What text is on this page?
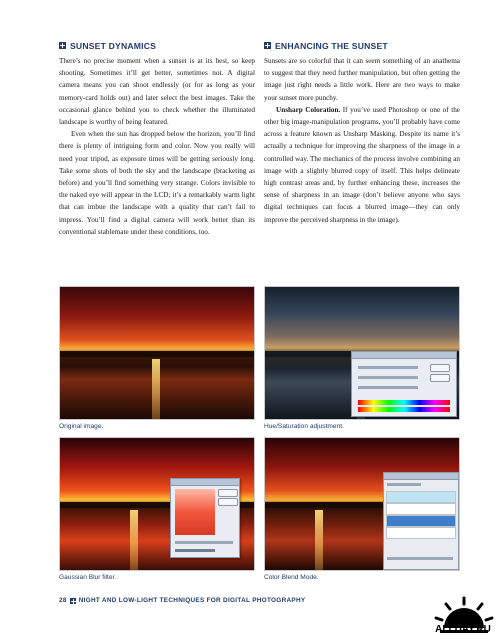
SUNSET DYNAMICS

There’s no precise moment when a sunset is at its best, so keep shooting. Sometimes it’ll get better, sometimes not. A digital camera means you can shoot endlessly (or for as long as your memory-card holds out) and later select the best images. Take the occasional glance behind you to check whether the illuminated landscape is worthy of being featured.

Even when the sun has dropped below the horizon, you’ll find there is plenty of intriguing form and color. Now you really will need your tripod, as exposure times will be getting seriously long. Take some shots of both the sky and the landscape (bracketing as before) and you’ll find something very strange. Colors invisible to the naked eye will appear in the LCD; it’s a remarkably warm light that can imbue the landscape with a quality that can’t fail to impress. You’ll find a digital camera will work better than its conventional stablemate under these conditions, too.

ENHANCING THE SUNSET

Sunsets are so colorful that it can seem something of an anathema to suggest that they need further manipulation, but often getting the image just right needs a little work. Here are two ways to make your sunset more punchy.

Unsharp Coloration. If you’ve used Photoshop or one of the other big image-manipulation programs, you’ll probably have come across a feature known as Unsharp Masking. Despite its name it’s actually a technique for improving the sharpness of the image in a controlled way. The mechanics of the process involve combining an image with a slightly blurred copy of itself. This helps delineate high contrast areas and, by further enhancing these, increases the sense of sharpness in an image (don’t believe anyone who says digital techniques can focus a blurred image—they can only improve the perceived sharpness in the image).

Original image.	Hue/Saturation adjustment.
Gaussian Blur filter.	Color Blend Mode.
28 NIGHT AND LOW-LIGHT TECHNIQUES FOR DIGITAL PHOTOGRAPHY
ALLDAY.RU
